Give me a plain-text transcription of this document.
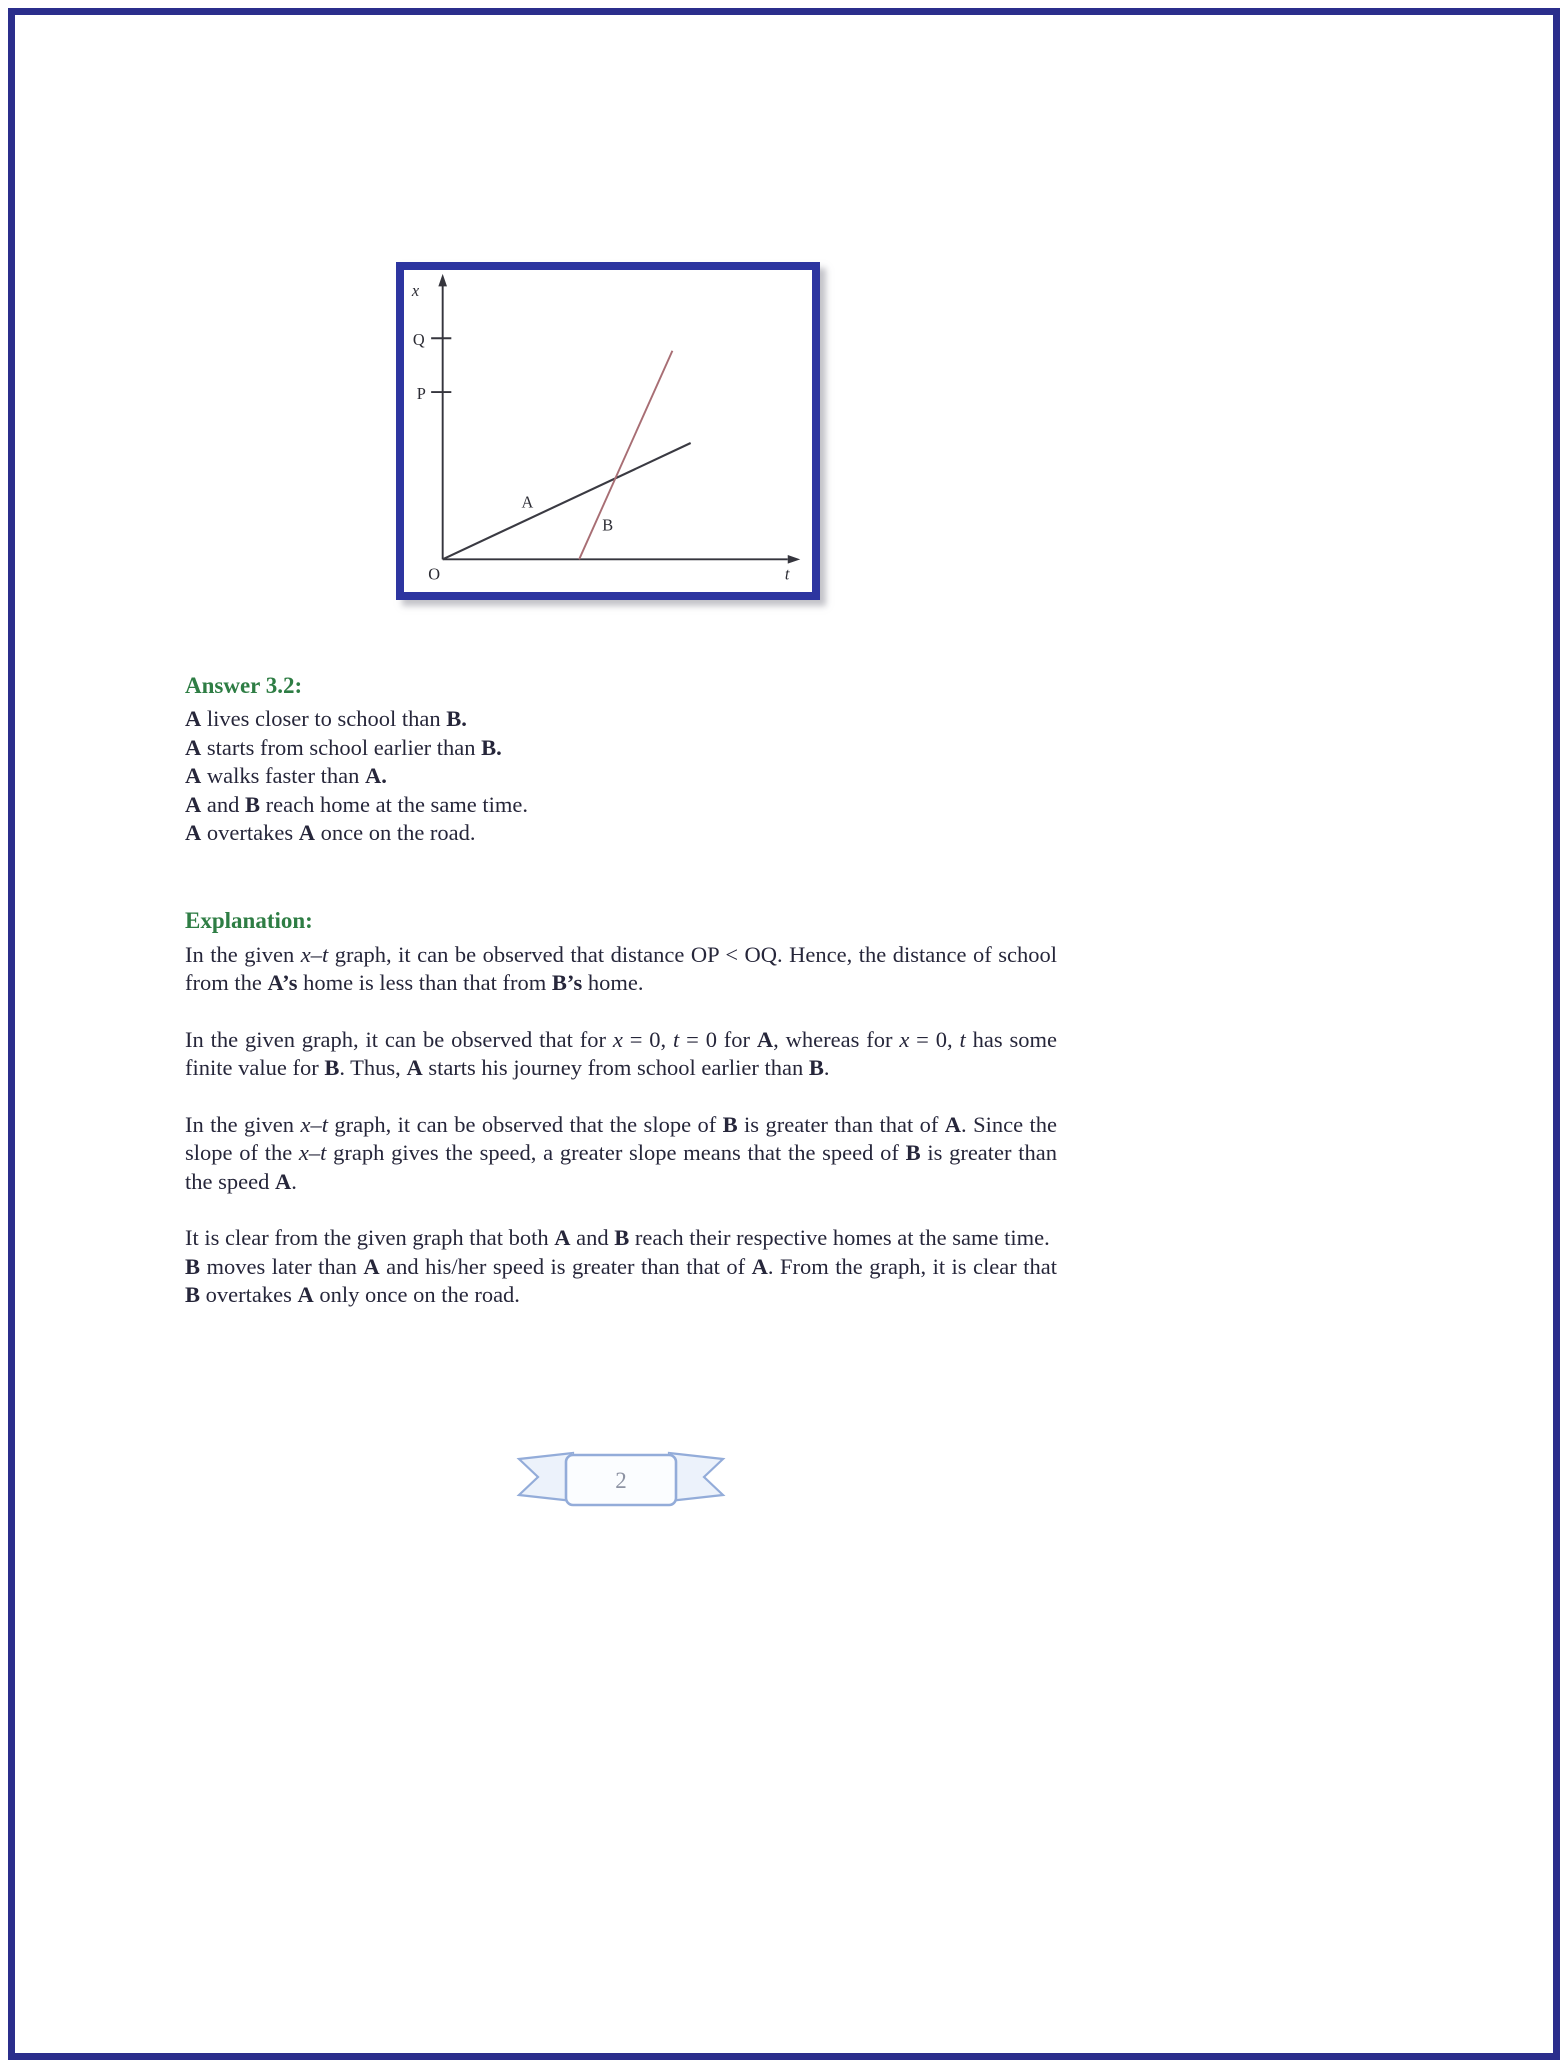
x
Q
P
O	t
A
B
Answer 3.2:
A lives closer to school than B.
A starts from school earlier than B.
A walks faster than A.
A and B reach home at the same time.
A overtakes A once on the road.
Explanation:
In the given x–t graph, it can be observed that distance OP < OQ. Hence, the distance of school from the A’s home is less than that from B’s home.
In the given graph, it can be observed that for x = 0, t = 0 for A, whereas for x = 0, t has some finite value for B. Thus, A starts his journey from school earlier than B.
In the given x–t graph, it can be observed that the slope of B is greater than that of A. Since the slope of the x–t graph gives the speed, a greater slope means that the speed of B is greater than the speed A.
It is clear from the given graph that both A and B reach their respective homes at the same time.
B moves later than A and his/her speed is greater than that of A. From the graph, it is clear that B overtakes A only once on the road.
2
